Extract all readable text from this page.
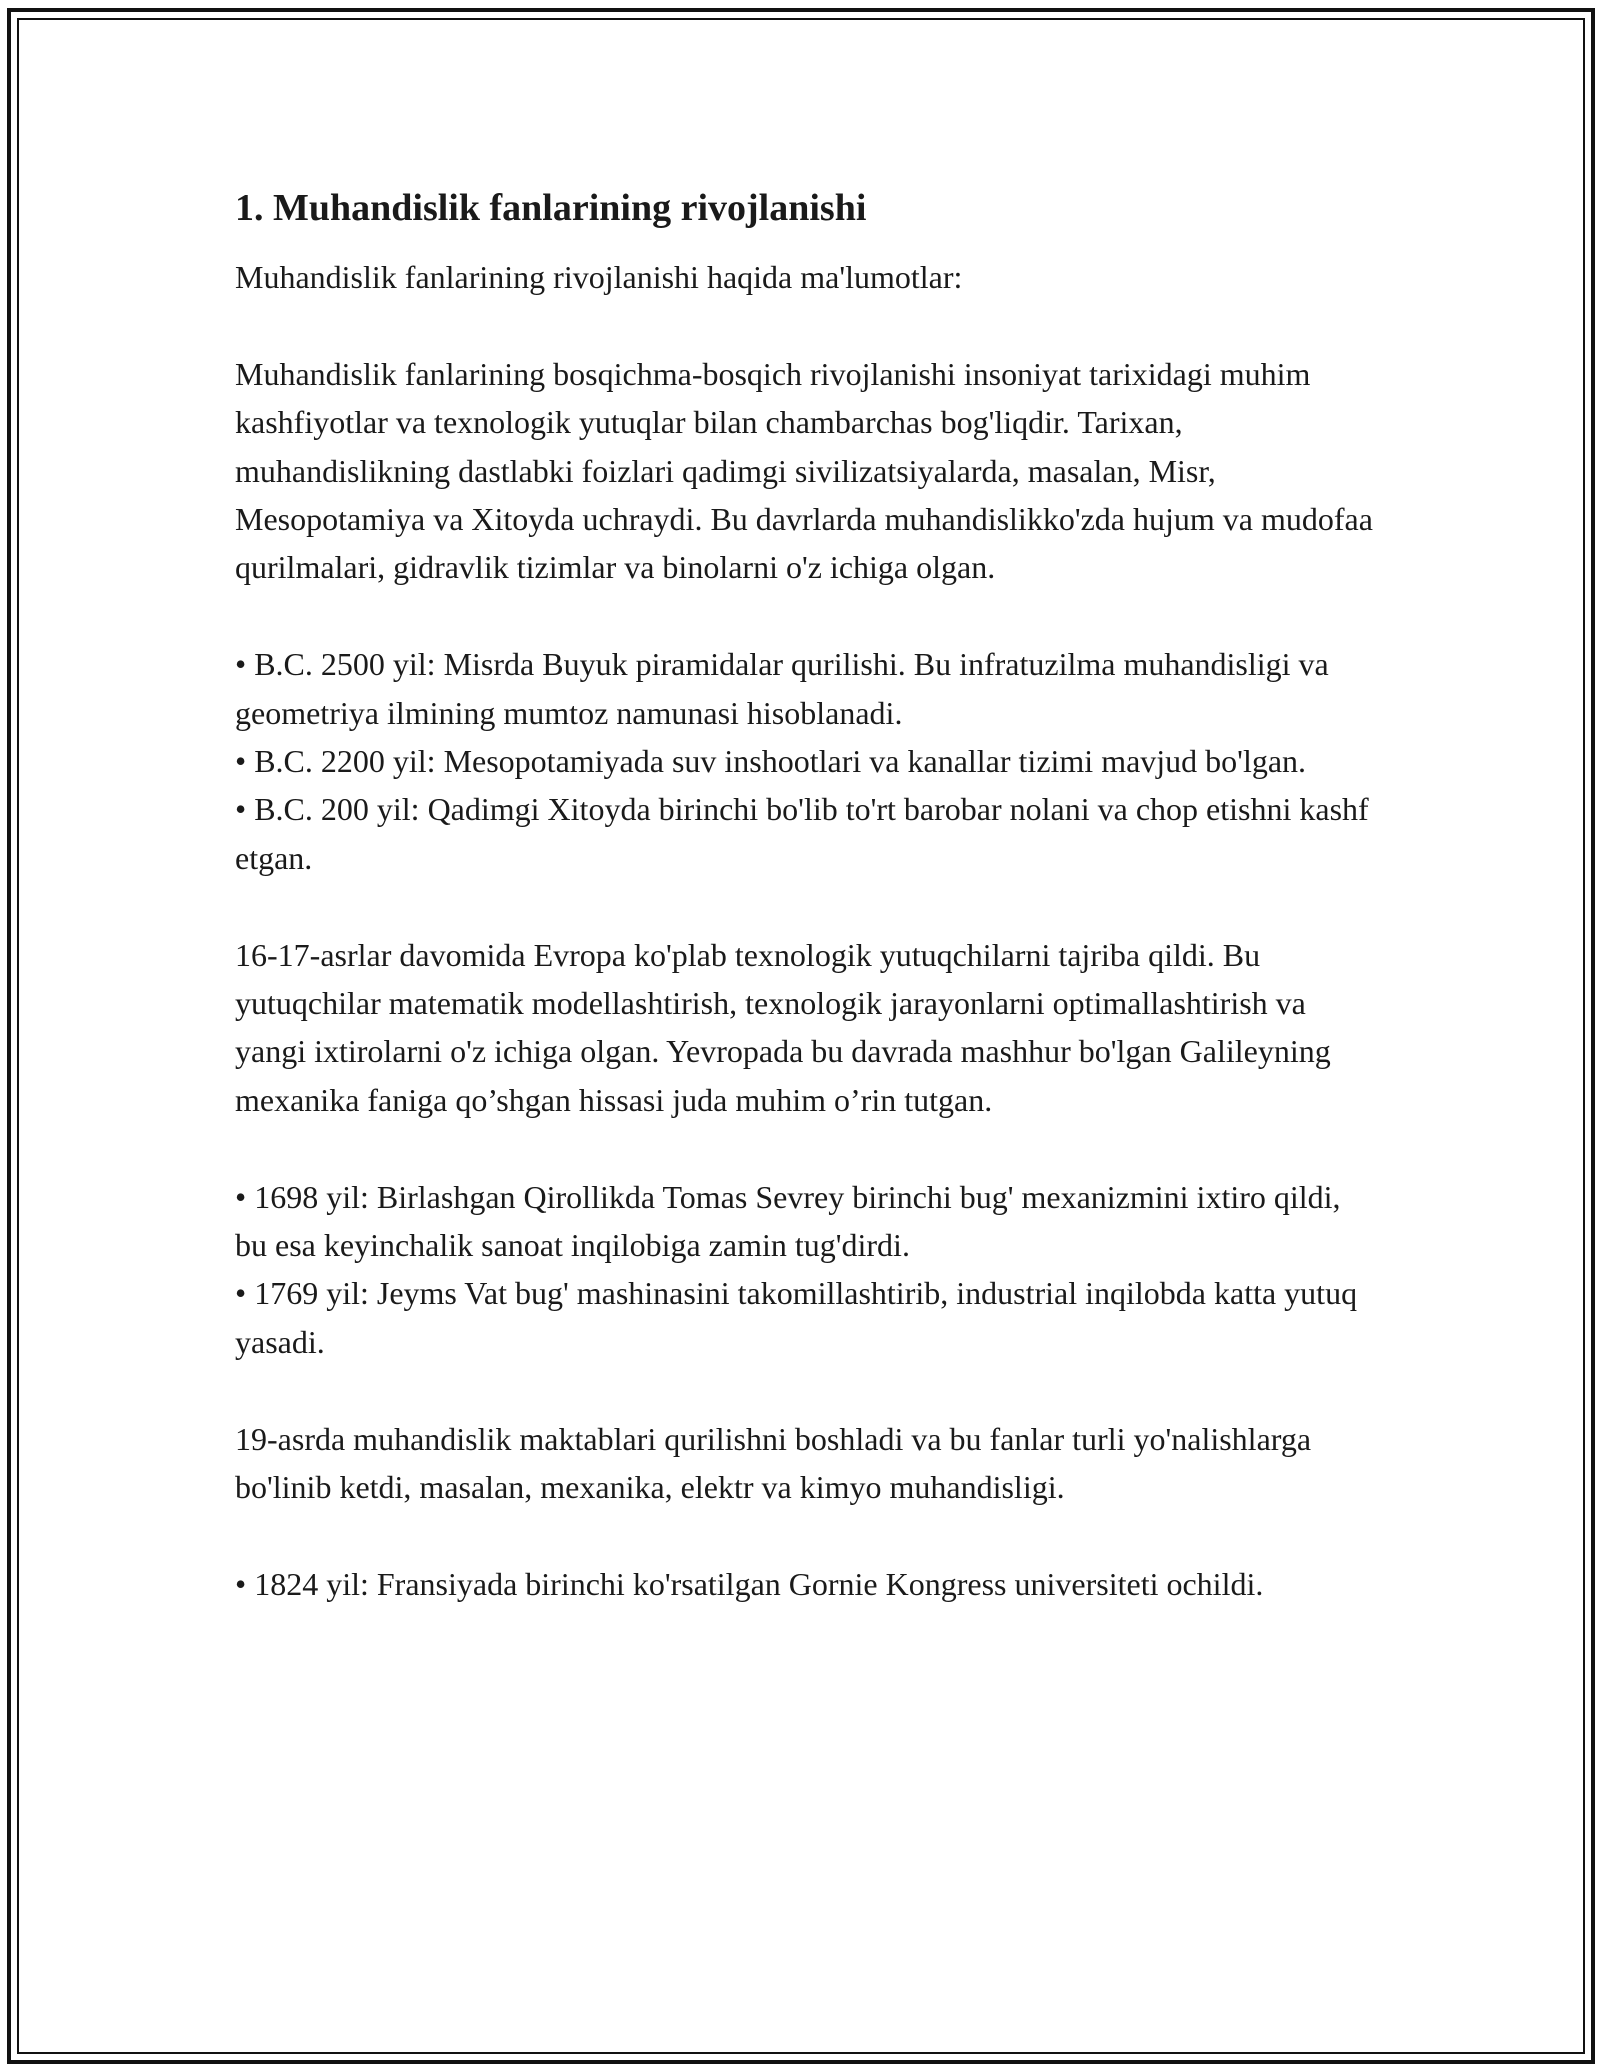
1. Muhandislik fanlarining rivojlanishi

Muhandislik fanlarining rivojlanishi haqida ma'lumotlar:

Muhandislik fanlarining bosqichma-bosqich rivojlanishi insoniyat tarixidagi muhim kashfiyotlar va texnologik yutuqlar bilan chambarchas bog'liqdir. Tarixan, muhandislikning dastlabki foizlari qadimgi sivilizatsiyalarda, masalan, Misr, Mesopotamiya va Xitoyda uchraydi. Bu davrlarda muhandislikko'zda hujum va mudofaa qurilmalari, gidravlik tizimlar va binolarni o'z ichiga olgan.

• B.C. 2500 yil: Misrda Buyuk piramidalar qurilishi. Bu infratuzilma muhandisligi va geometriya ilmining mumtoz namunasi hisoblanadi.

• B.C. 2200 yil: Mesopotamiyada suv inshootlari va kanallar tizimi mavjud bo'lgan.

• B.C. 200 yil: Qadimgi Xitoyda birinchi bo'lib to'rt barobar nolani va chop etishni kashf etgan.

16-17-asrlar davomida Evropa ko'plab texnologik yutuqchilarni tajriba qildi. Bu yutuqchilar matematik modellashtirish, texnologik jarayonlarni optimallashtirish va yangi ixtirolarni o'z ichiga olgan. Yevropada bu davrada mashhur bo'lgan Galileyning mexanika faniga qo’shgan hissasi juda muhim o’rin tutgan.

• 1698 yil: Birlashgan Qirollikda Tomas Sevrey birinchi bug' mexanizmini ixtiro qildi, bu esa keyinchalik sanoat inqilobiga zamin tug'dirdi.

• 1769 yil: Jeyms Vat bug' mashinasini takomillashtirib, industrial inqilobda katta yutuq yasadi.

19-asrda muhandislik maktablari qurilishni boshladi va bu fanlar turli yo'nalishlarga bo'linib ketdi, masalan, mexanika, elektr va kimyo muhandisligi.

• 1824 yil: Fransiyada birinchi ko'rsatilgan Gornie Kongress universiteti ochildi.
